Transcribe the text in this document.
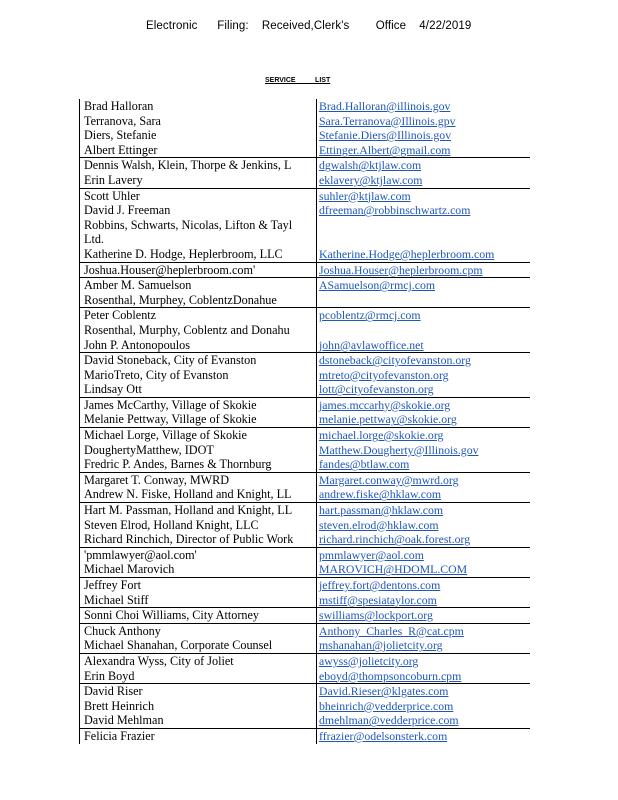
Electronic      Filing:    Received,Clerk's        Office    4/22/2019
SERVICE          LIST
Brad Halloran	Brad.Halloran@illinois.gov
Terranova, Sara	Sara.Terranova@Illinois.gpv
Diers, Stefanie	Stefanie.Diers@Illinois.gov
Albert Ettinger	Ettinger.Albert@gmail.com
Dennis Walsh, Klein, Thorpe & Jenkins, L	dgwalsh@ktjlaw.com
Erin Lavery	eklavery@ktjlaw.com
Scott Uhler	suhler@ktjlaw.com
David J. Freeman	dfreeman@robbinschwartz.com
Robbins, Schwarts, Nicolas, Lifton & Tayl
Ltd.
Katherine D. Hodge, Heplerbroom, LLC	Katherine.Hodge@heplerbroom.com
Joshua.Houser@heplerbroom.com'	Joshua.Houser@heplerbroom.cpm
Amber M. Samuelson	ASamuelson@rmcj.com
Rosenthal, Murphey, CoblentzDonahue
Peter Coblentz	pcoblentz@rmcj.com
Rosenthal, Murphy, Coblentz and Donahu
John P. Antonopoulos	john@avlawoffice.net
David Stoneback, City of Evanston	dstoneback@cityofevanston.org
MarioTreto, City of Evanston	mtreto@cityofevanston.org
Lindsay Ott	lott@cityofevanston.org
James McCarthy, Village of Skokie	james.mccarhy@skokie.org
Melanie Pettway, Village of Skokie	melanie.pettway@skokie.org
Michael Lorge, Village of Skokie	michael.lorge@skokie.org
DoughertyMatthew, IDOT	Matthew.Dougherty@Illinois.gov
Fredric P. Andes, Barnes & Thornburg	fandes@btlaw.com
Margaret T. Conway, MWRD	Margaret.conway@mwrd.org
Andrew N. Fiske, Holland and Knight, LL	andrew.fiske@hklaw.com
Hart M. Passman, Holland and Knight, LL	hart.passman@hklaw.com
Steven Elrod, Holland Knight, LLC	steven.elrod@hklaw.com
Richard Rinchich, Director of Public Work	richard.rinchich@oak.forest.org
'pmmlawyer@aol.com'	pmmlawyer@aol.com
Michael Marovich	MAROVICH@HDOML.COM
Jeffrey Fort	jeffrey.fort@dentons.com
Michael Stiff	mstiff@spesiataylor.com
Sonni Choi Williams, City Attorney	swilliams@lockport.org
Chuck Anthony	Anthony_Charles_R@cat.cpm
Michael Shanahan, Corporate Counsel	mshanahan@jolietcity.org
Alexandra Wyss, City of Joliet	awyss@jolietcity.org
Erin Boyd	eboyd@thompsoncoburn.cpm
David Riser	David.Rieser@klgates.com
Brett Heinrich	bheinrich@vedderprice.com
David Mehlman	dmehlman@vedderprice.com
Felicia Frazier	ffrazier@odelsonsterk.com
